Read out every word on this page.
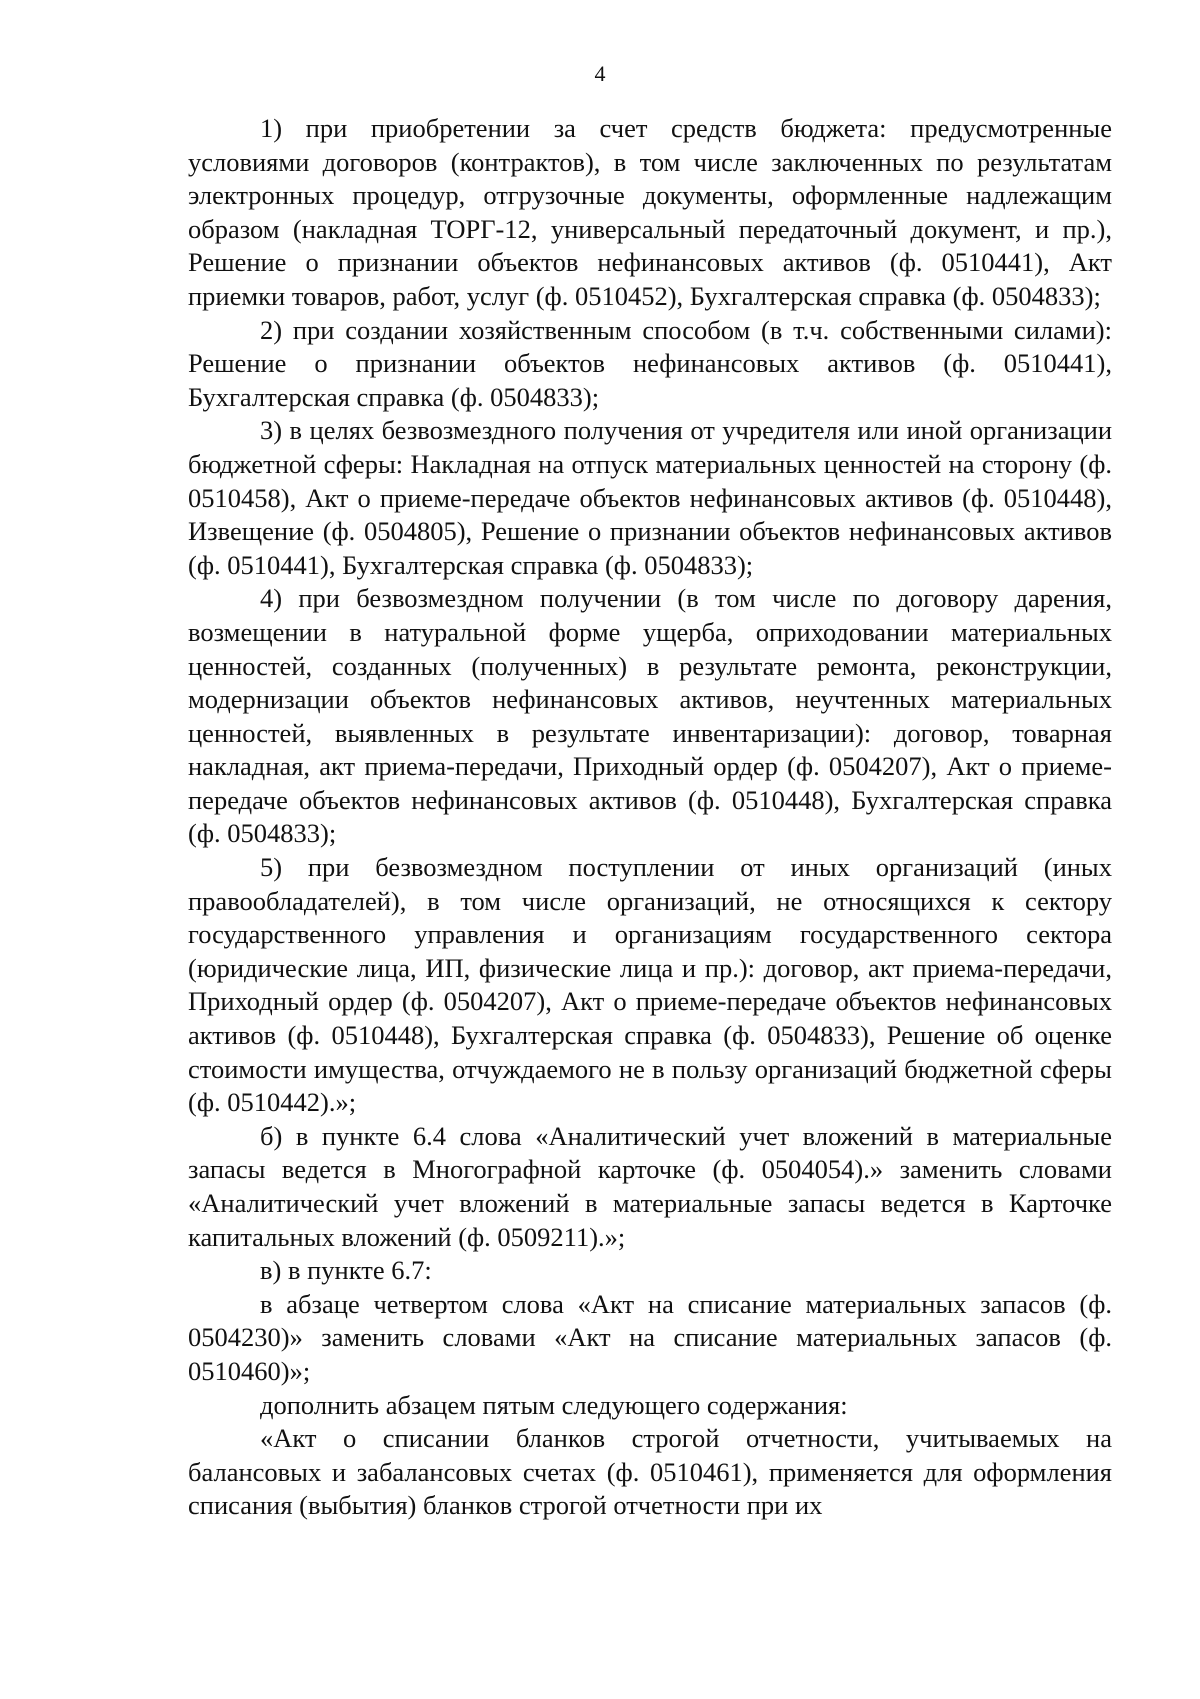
4

1) при приобретении за счет средств бюджета: предусмотренные условиями договоров (контрактов), в том числе заключенных по результатам электронных процедур, отгрузочные документы, оформленные надлежащим образом (накладная ТОРГ-12, универсальный передаточный документ, и пр.), Решение о признании объектов нефинансовых активов (ф. 0510441), Акт приемки товаров, работ, услуг (ф. 0510452), Бухгалтерская справка (ф. 0504833);

2) при создании хозяйственным способом (в т.ч. собственными силами): Решение о признании объектов нефинансовых активов (ф. 0510441), Бухгалтерская справка (ф. 0504833);

3) в целях безвозмездного получения от учредителя или иной организации бюджетной сферы: Накладная на отпуск материальных ценностей на сторону (ф. 0510458), Акт о приеме-передаче объектов нефинансовых активов (ф. 0510448), Извещение (ф. 0504805), Решение о признании объектов нефинансовых активов (ф. 0510441), Бухгалтерская справка (ф. 0504833);

4) при безвозмездном получении (в том числе по договору дарения, возмещении в натуральной форме ущерба, оприходовании материальных ценностей, созданных (полученных) в результате ремонта, реконструкции, модернизации объектов нефинансовых активов, неучтенных материальных ценностей, выявленных в результате инвентаризации): договор, товарная накладная, акт приема-передачи, Приходный ордер (ф. 0504207), Акт о приеме-передаче объектов нефинансовых активов (ф. 0510448), Бухгалтерская справка (ф. 0504833);

5) при безвозмездном поступлении от иных организаций (иных правообладателей), в том числе организаций, не относящихся к сектору государственного управления и организациям государственного сектора (юридические лица, ИП, физические лица и пр.): договор, акт приема-передачи, Приходный ордер (ф. 0504207), Акт о приеме-передаче объектов нефинансовых активов (ф. 0510448), Бухгалтерская справка (ф. 0504833), Решение об оценке стоимости имущества, отчуждаемого не в пользу организаций бюджетной сферы (ф. 0510442).»;

б) в пункте 6.4 слова «Аналитический учет вложений в материальные запасы ведется в Многографной карточке (ф. 0504054).» заменить словами «Аналитический учет вложений в материальные запасы ведется в Карточке капитальных вложений (ф. 0509211).»;

в) в пункте 6.7:

в абзаце четвертом слова «Акт на списание материальных запасов (ф. 0504230)» заменить словами «Акт на списание материальных запасов (ф. 0510460)»;

дополнить абзацем пятым следующего содержания:

«Акт о списании бланков строгой отчетности, учитываемых на балансовых и забалансовых счетах (ф. 0510461), применяется для оформления списания (выбытия) бланков строгой отчетности при их
